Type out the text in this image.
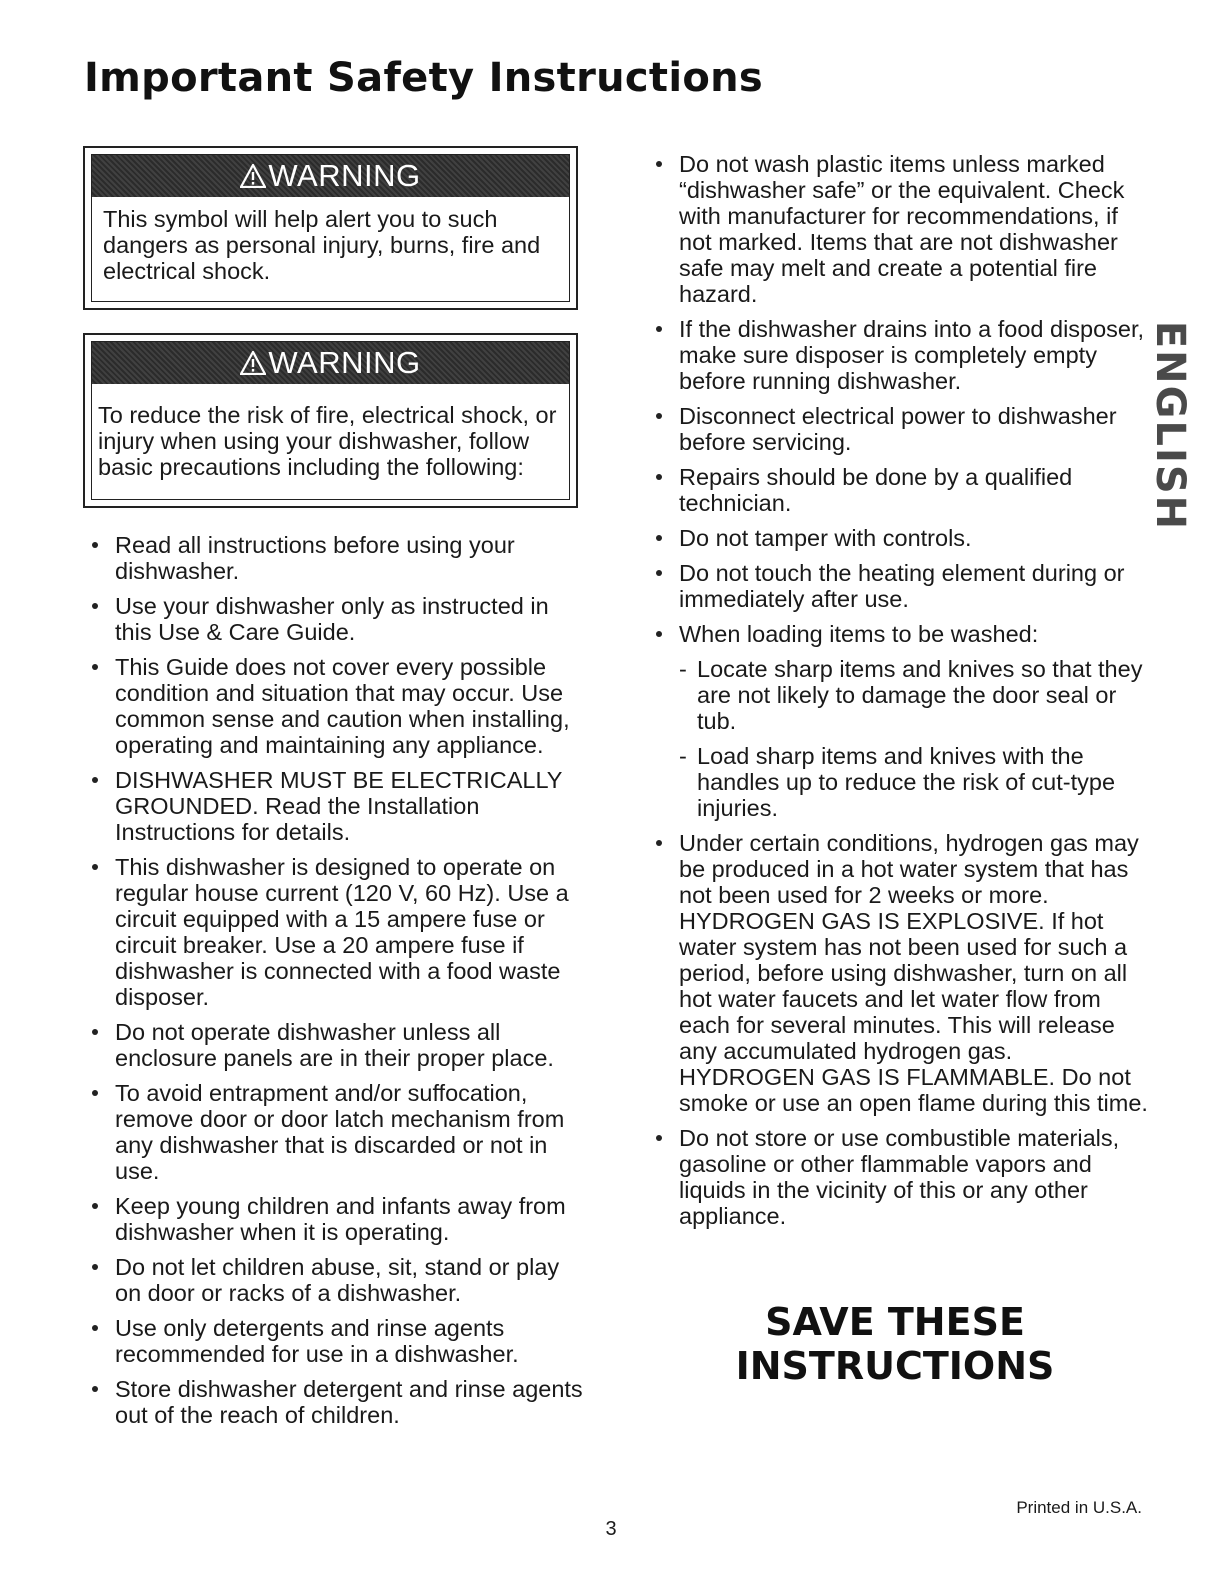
Important Safety Instructions
WARNING

This symbol will help alert you to such dangers as personal injury, burns, fire and electrical shock.

WARNING

To reduce the risk of fire, electrical shock, or injury when using your dishwasher, follow basic precautions including the following:

Read all instructions before using your dishwasher.
Use your dishwasher only as instructed in this Use & Care Guide.
This Guide does not cover every possible condition and situation that may occur. Use common sense and caution when installing, operating and maintaining any appliance.
DISHWASHER MUST BE ELECTRICALLY GROUNDED. Read the Installation Instructions for details.
This dishwasher is designed to operate on regular house current (120 V, 60 Hz). Use a circuit equipped with a 15 ampere fuse or circuit breaker. Use a 20 ampere fuse if dishwasher is connected with a food waste disposer.
Do not operate dishwasher unless all enclosure panels are in their proper place.
To avoid entrapment and/or suffocation, remove door or door latch mechanism from any dishwasher that is discarded or not in use.
Keep young children and infants away from dishwasher when it is operating.
Do not let children abuse, sit, stand or play on door or racks of a dishwasher.
Use only detergents and rinse agents recommended for use in a dishwasher.
Store dishwasher detergent and rinse agents out of the reach of children.
Do not wash plastic items unless marked “dishwasher safe” or the equivalent. Check with manufacturer for recommendations, if not marked. Items that are not dishwasher safe may melt and create a potential fire hazard.
If the dishwasher drains into a food disposer, make sure disposer is completely empty before running dishwasher.
Disconnect electrical power to dishwasher before servicing.
Repairs should be done by a qualified technician.
Do not tamper with controls.
Do not touch the heating element during or immediately after use.
When loading items to be washed:
- Locate sharp items and knives so that they are not likely to damage the door seal or tub.
- Load sharp items and knives with the handles up to reduce the risk of cut-type injuries.
Under certain conditions, hydrogen gas may be produced in a hot water system that has not been used for 2 weeks or more. HYDROGEN GAS IS EXPLOSIVE. If hot water system has not been used for such a period, before using dishwasher, turn on all hot water faucets and let water flow from each for several minutes. This will release any accumulated hydrogen gas. HYDROGEN GAS IS FLAMMABLE. Do not smoke or use an open flame during this time.
Do not store or use combustible materials, gasoline or other flammable vapors and liquids in the vicinity of this or any other appliance.
SAVE THESE
INSTRUCTIONS
ENGLISH

Printed in U.S.A.

3
